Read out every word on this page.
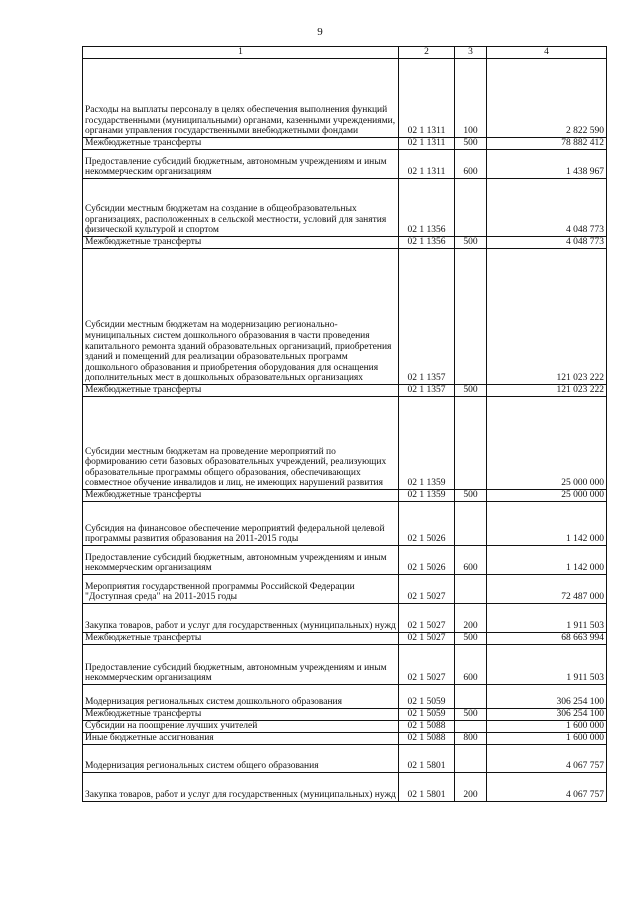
9
1	2	3	4
Расходы на выплаты персоналу в целях обеспечения выполнения функций государственными (муниципальными) органами, казенными учреждениями, органами управления государственными внебюджетными фондами	02 1 1311	100	2 822 590
Межбюджетные трансферты	02 1 1311	500	78 882 412
Предоставление субсидий бюджетным, автономным учреждениям и иным некоммерческим организациям	02 1 1311	600	1 438 967
Субсидии местным бюджетам на создание в общеобразовательных организациях, расположенных в сельской местности, условий для занятия физической культурой и спортом	02 1 1356		4 048 773
Межбюджетные трансферты	02 1 1356	500	4 048 773
Субсидии местным бюджетам на модернизацию регионально-муниципальных систем дошкольного образования в части проведения капитального ремонта зданий образовательных организаций, приобретения зданий и помещений для реализации образовательных программ дошкольного образования и приобретения оборудования для оснащения дополнительных мест в дошкольных образовательных организациях	02 1 1357		121 023 222
Межбюджетные трансферты	02 1 1357	500	121 023 222
Субсидии местным бюджетам на проведение мероприятий по формированию сети базовых образовательных учреждений, реализующих образовательные программы общего образования, обеспечивающих совместное обучение инвалидов и лиц, не имеющих нарушений развития	02 1 1359		25 000 000
Межбюджетные трансферты	02 1 1359	500	25 000 000
Субсидия на финансовое обеспечение мероприятий федеральной целевой программы развития образования на 2011-2015 годы	02 1 5026		1 142 000
Предоставление субсидий бюджетным, автономным учреждениям и иным некоммерческим организациям	02 1 5026	600	1 142 000
Мероприятия государственной программы Российской Федерации "Доступная среда" на 2011-2015 годы	02 1 5027		72 487 000
Закупка товаров, работ и услуг для государственных (муниципальных) нужд	02 1 5027	200	1 911 503
Межбюджетные трансферты	02 1 5027	500	68 663 994
Предоставление субсидий бюджетным, автономным учреждениям и иным некоммерческим организациям	02 1 5027	600	1 911 503
Модернизация региональных систем дошкольного образования	02 1 5059		306 254 100
Межбюджетные трансферты	02 1 5059	500	306 254 100
Субсидии на поощрение лучших учителей	02 1 5088		1 600 000
Иные бюджетные ассигнования	02 1 5088	800	1 600 000
Модернизация региональных систем общего образования	02 1 5801		4 067 757
Закупка товаров, работ и услуг для государственных (муниципальных) нужд	02 1 5801	200	4 067 757
